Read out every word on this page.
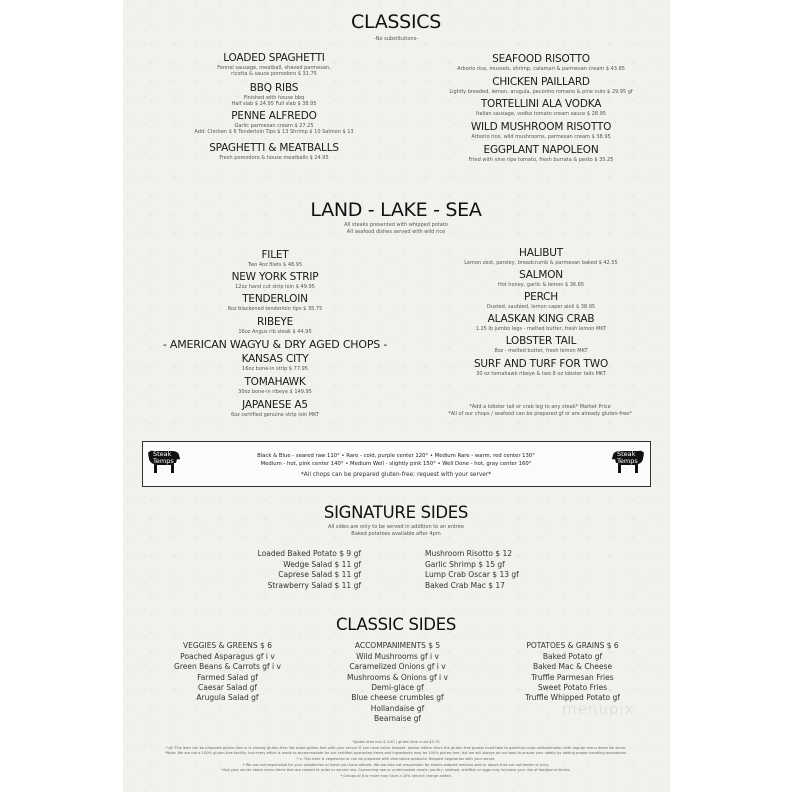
CLASSICS
-No substitutions-
LOADED SPAGHETTI
Fennel sausage, meatball, shaved parmesan,
ricotta & sauce pomodoro $ 31.75
BBQ RIBS
Finished with house bbq
Half slab $ 24.95 Full slab $ 38.95
PENNE ALFREDO
Garlic parmesan cream $ 27.25
Add: Chicken $ 6 Tenderloin Tips $ 13 Shrimp $ 10 Salmon $ 13
SPAGHETTI & MEATBALLS
Fresh pomodoro & house meatballs $ 24.95
SEAFOOD RISOTTO
Arborio rice, mussels, shrimp, calamari & parmesan cream $ 43.85
CHICKEN PAILLARD
Lightly breaded, lemon, arugula, pecorino romano & pine nuts $ 29.95 gf
TORTELLINI ALA VODKA
Italian sausage, vodka tomato cream sauce $ 28.95
WILD MUSHROOM RISOTTO
Arborio rice, wild mushrooms, parmesan cream $ 38.95
EGGPLANT NAPOLEON
Fried with vine ripe tomato, fresh burrata & pesto $ 35.25
LAND - LAKE - SEA
All steaks presented with whipped potato
All seafood dishes served with wild rice
FILET
Two 4oz filets $ 48.95
NEW YORK STRIP
12oz hand cut strip loin $ 49.95
TENDERLOIN
8oz blackened tenderloin tips $ 35.75
RIBEYE
16oz Angus rib steak $ 44.95
- AMERICAN WAGYU & DRY AGED CHOPS -
KANSAS CITY
16oz bone-in strip $ 77.95
TOMAHAWK
30oz bone-in ribeye $ 149.95
JAPANESE A5
6oz certified genuine strip loin MKT
HALIBUT
Lemon zest, parsley, breadcrumb & parmesan baked $ 42.55
SALMON
Hot honey, garlic & lemon $ 36.65
PERCH
Dusted, sautéed, lemon caper aioli $ 38.95
ALASKAN KING CRAB
1.25 lb jumbo legs - melted butter, fresh lemon MKT
LOBSTER TAIL
8oz - melted butter, fresh lemon MKT
SURF AND TURF FOR TWO
30 oz tomahawk ribeye & two 8 oz lobster tails MKT
*Add a lobster tail or crab leg to any steak* Market Price
*All of our chops / seafood can be prepared gf or are already gluten-free*
Steak
Temps
Steak
Temps
Black & Blue - seared raw 110° • Rare - cold, purple center 120° • Medium Rare - warm, red center 130°
Medium - hot, pink center 140° • Medium Well - slightly pink 150° • Well Done - hot, gray center 160°
*All chops can be prepared gluten-free; request with your server*
SIGNATURE SIDES
All sides are only to be served in addition to an entrée
Baked potatoes available after 4pm
Loaded Baked Potato $ 9 gf
Wedge Salad $ 11 gf
Caprese Salad $ 11 gf
Strawberry Salad $ 11 gf
Mushroom Risotto $ 12
Garlic Shrimp $ 15 gf
Lump Crab Oscar $ 13 gf
Baked Crab Mac $ 17
CLASSIC SIDES
VEGGIES & GREENS $ 6
Poached Asparagus gf i v
Green Beans & Carrots gf i v
Farmed Salad gf
Caesar Salad gf
Arugula Salad gf
ACCOMPANIMENTS $ 5
Wild Mushrooms gf i v
Caramelized Onions gf i v
Mushrooms & Onions gf i v
Demi-glace gf
Blue cheese crumbles gf
Hollandaise gf
Bearnaise gf
POTATOES & GRAINS $ 6
Baked Potato gf
Baked Mac & Cheese
Truffle Parmesan Fries
Sweet Potato Fries
Truffle Whipped Potato gf
menupix
*gluten-free bun $ 3.00 | gluten-free crust $4.75
* gf: This item can be prepared gluten-free or is already gluten-free. We avoid gluten-free with your server. If you have celiac disease, please inform them the gluten-free guests must take to potential cross-contamination with regular menu items we serve.
*Note: We are not a 100% gluten-free facility, but every effort is made to accommodate for our certified guarantee items and ingredients may be 100% gluten-free, but we will always do our best to ensure your safety by adding proper handling procedures.
* v: This item is vegetarian or can be prepared with alternative products. Request vegetarian with your server.
* We are not responsible for your satisfaction of items you have altered. We are also not responsible for steaks ordered medium-well or above that are not tender or juicy.
*Ask your server about menu items that are cooked to order or served raw. Consuming raw or undercooked meats, poultry, seafood, shellfish or eggs may increase your risk of foodborne illness.
* Groups of 8 or more may have a 20% service charge added.
